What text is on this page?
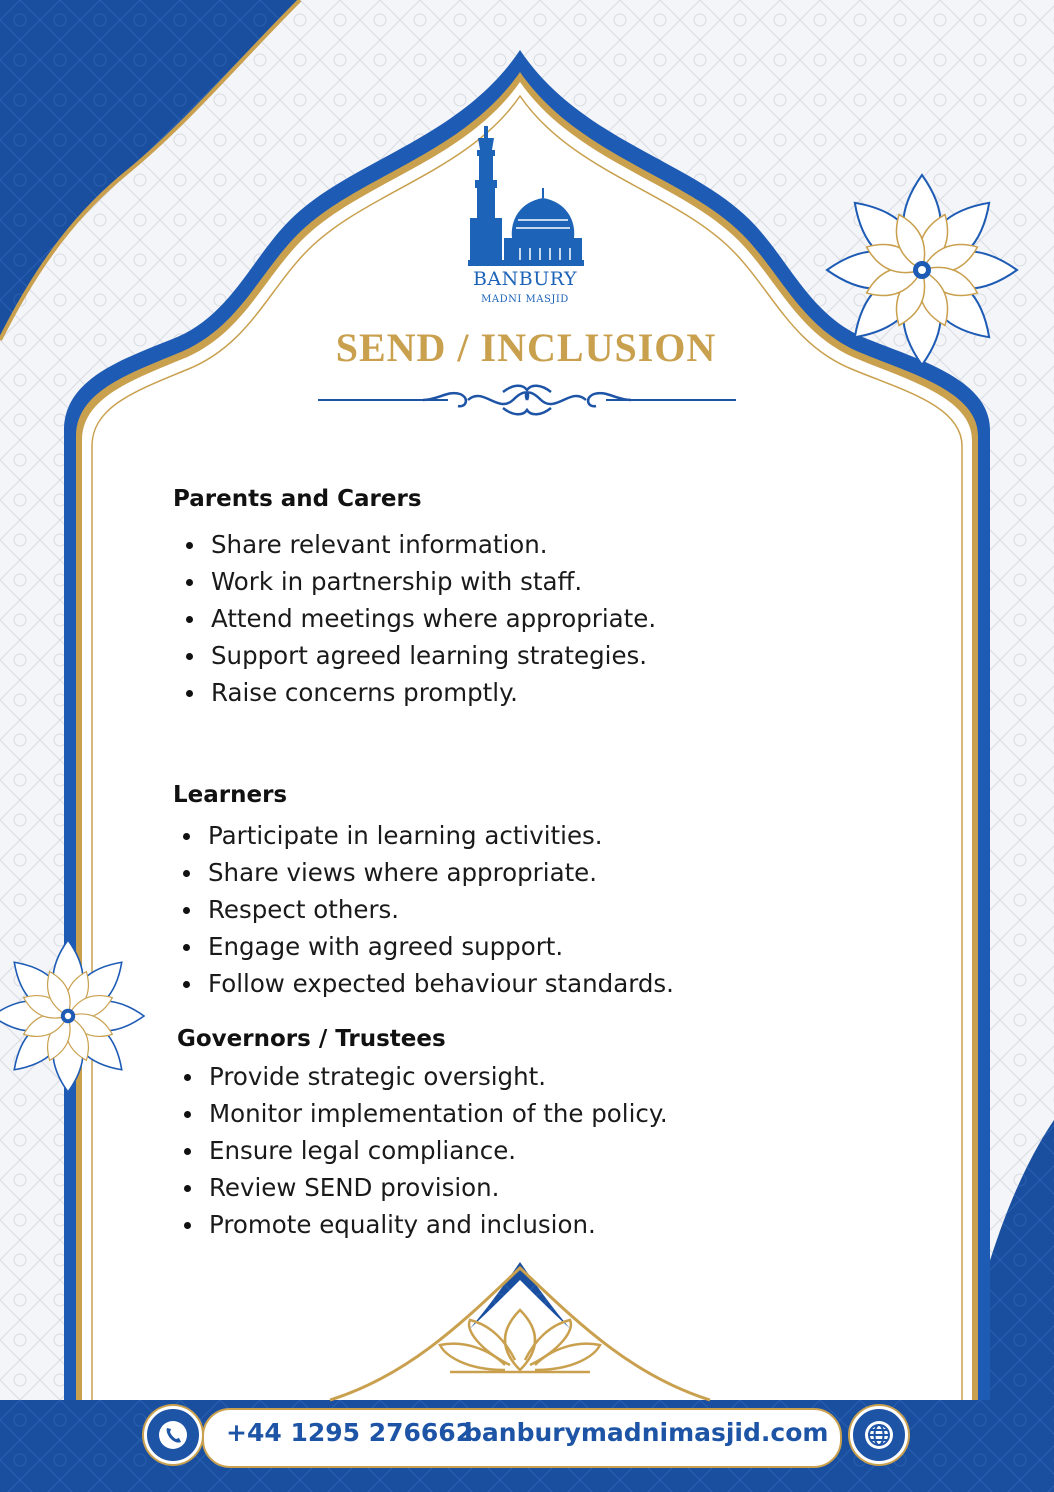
BANBURY
MADNI MASJID
SEND / INCLUSION
Parents and Carers
Share relevant information.
Work in partnership with staff.
Attend meetings where appropriate.
Support agreed learning strategies.
Raise concerns promptly.
Learners
Participate in learning activities.
Share views where appropriate.
Respect others.
Engage with agreed support.
Follow expected behaviour standards.
Governors / Trustees
Provide strategic oversight.
Monitor implementation of the policy.
Ensure legal compliance.
Review SEND provision.
Promote equality and inclusion.
+44 1295 276662
banburymadnimasjid.com
